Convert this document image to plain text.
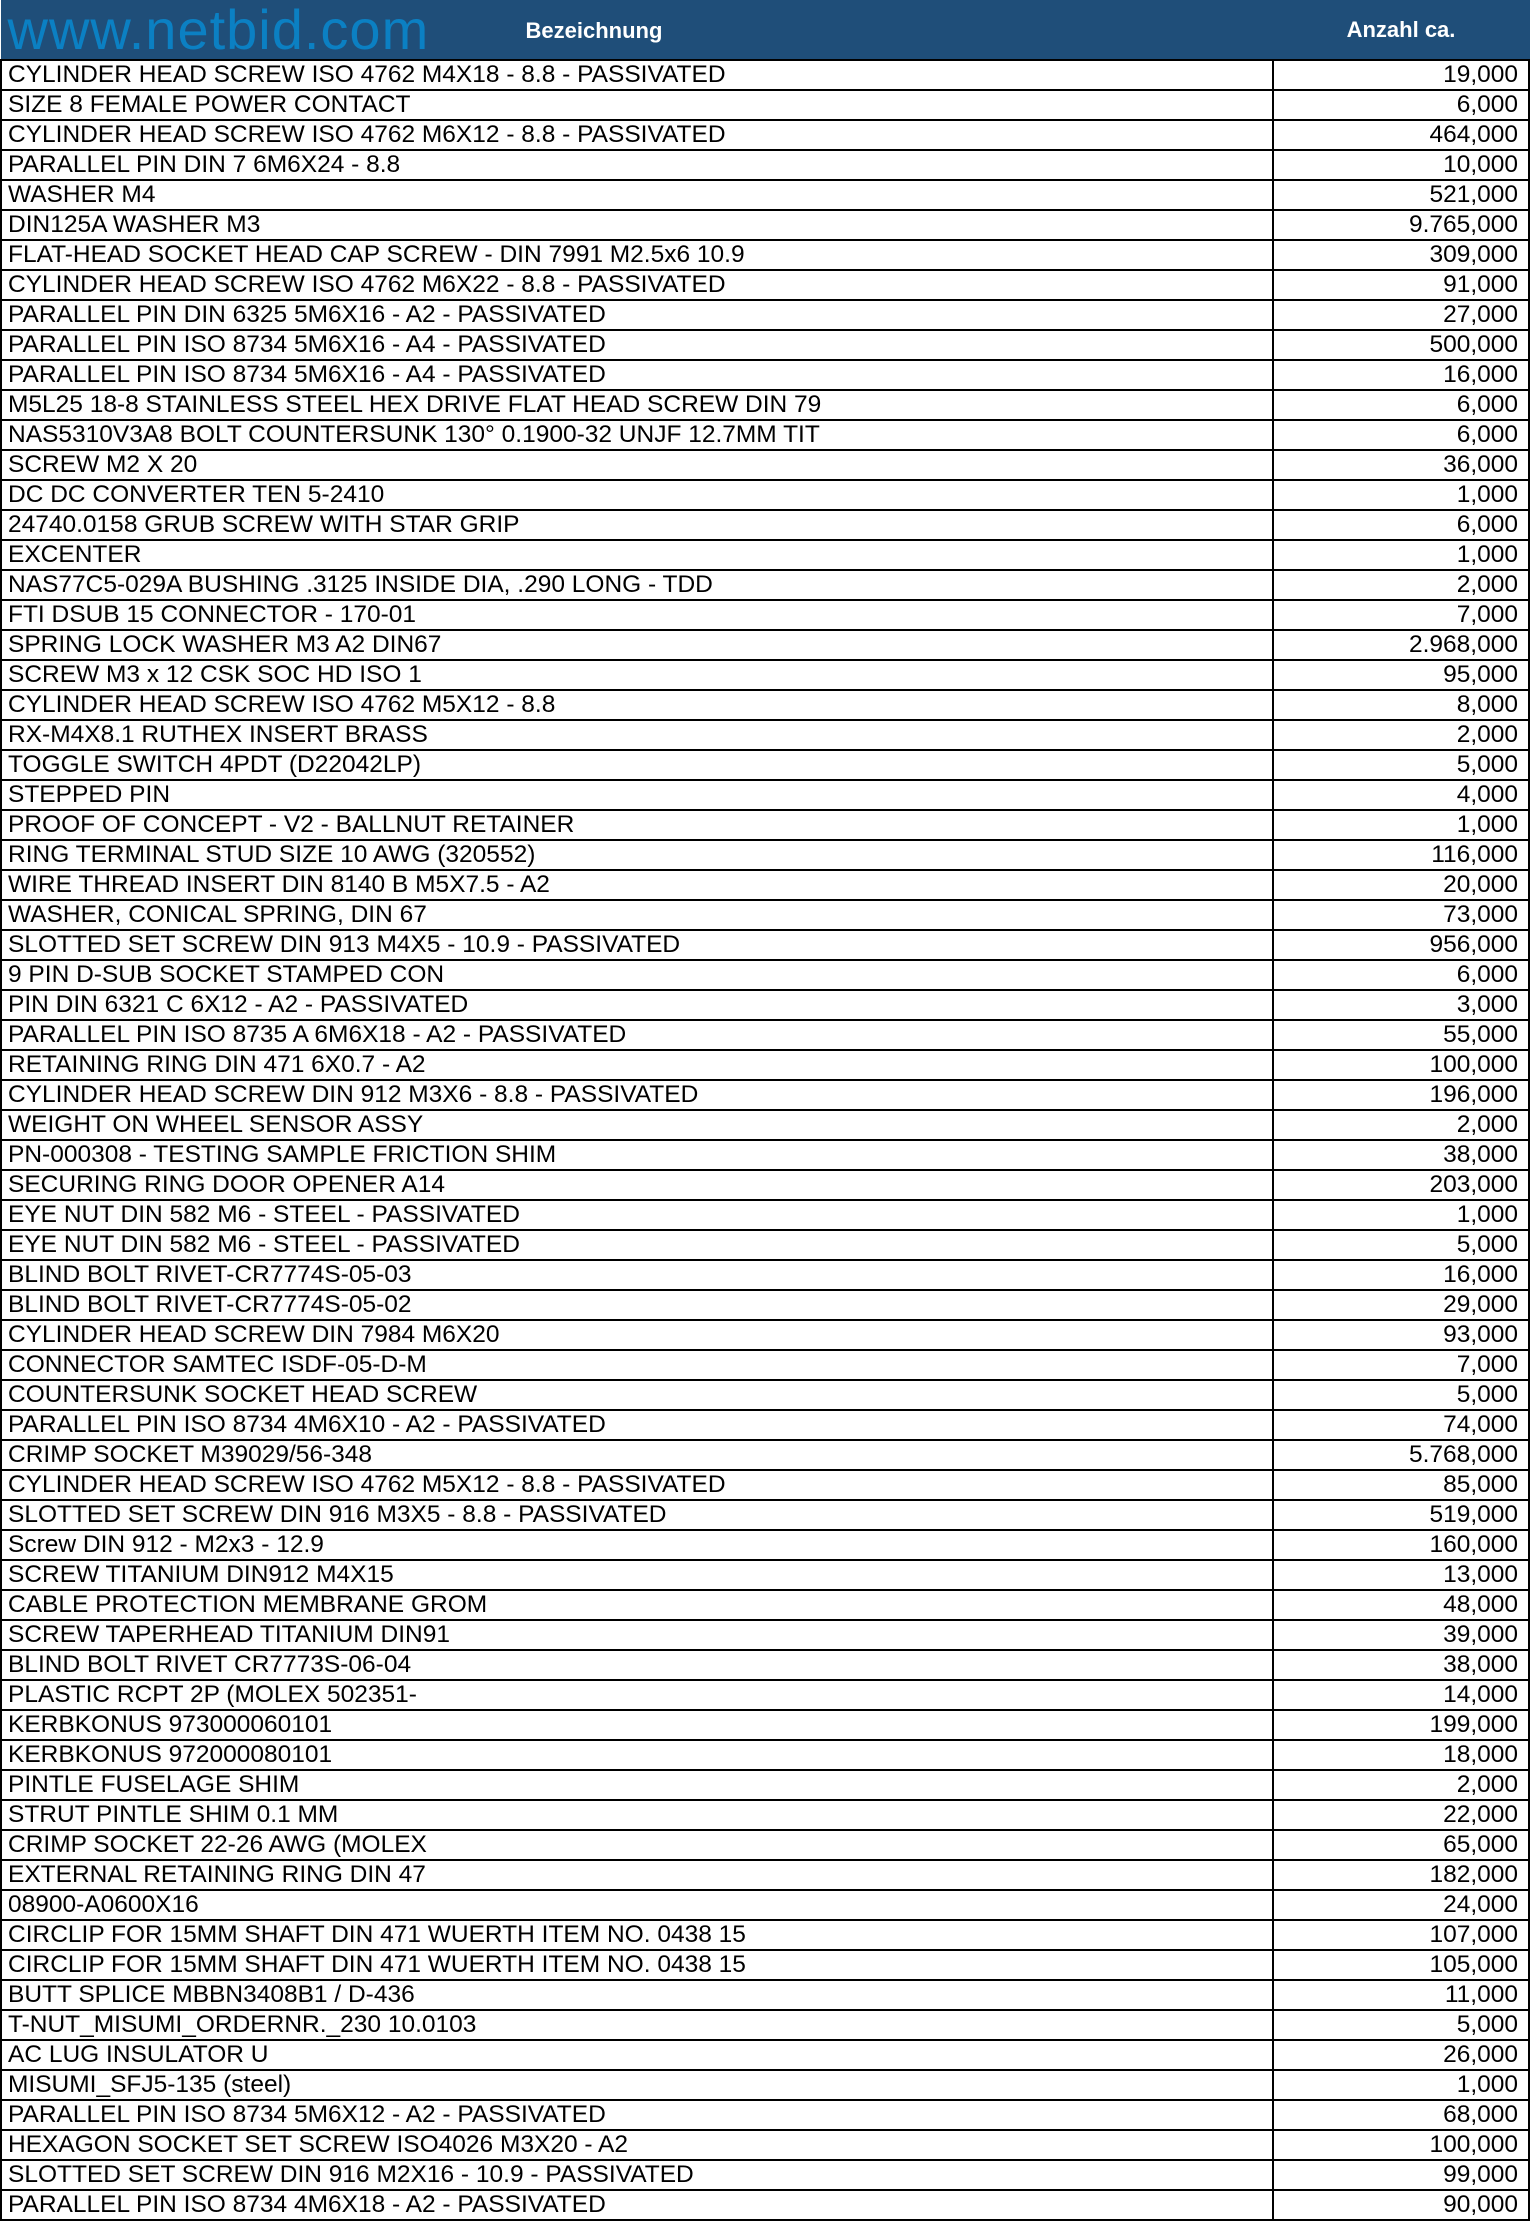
www.netbid.com Bezeichnung	Anzahl ca.
CYLINDER HEAD SCREW ISO 4762 M4X18 - 8.8 - PASSIVATED	19,000
SIZE 8 FEMALE POWER CONTACT	6,000
CYLINDER HEAD SCREW ISO 4762 M6X12 - 8.8 - PASSIVATED	464,000
PARALLEL PIN DIN 7 6M6X24 - 8.8	10,000
WASHER M4	521,000
DIN125A WASHER M3	9.765,000
FLAT-HEAD SOCKET HEAD CAP SCREW - DIN 7991 M2.5x6 10.9	309,000
CYLINDER HEAD SCREW ISO 4762 M6X22 - 8.8 - PASSIVATED	91,000
PARALLEL PIN DIN 6325 5M6X16 - A2 - PASSIVATED	27,000
PARALLEL PIN ISO 8734 5M6X16 - A4 - PASSIVATED	500,000
PARALLEL PIN ISO 8734 5M6X16 - A4 - PASSIVATED	16,000
M5L25 18-8 STAINLESS STEEL HEX DRIVE FLAT HEAD SCREW DIN 79	6,000
NAS5310V3A8 BOLT COUNTERSUNK 130° 0.1900-32 UNJF 12.7MM TIT	6,000
SCREW M2 X 20	36,000
DC DC CONVERTER TEN 5-2410	1,000
24740.0158 GRUB SCREW WITH STAR GRIP	6,000
EXCENTER	1,000
NAS77C5-029A BUSHING .3125 INSIDE DIA, .290 LONG - TDD	2,000
FTI DSUB 15 CONNECTOR - 170-01	7,000
SPRING LOCK WASHER M3 A2 DIN67	2.968,000
SCREW M3 x 12 CSK SOC HD ISO 1	95,000
CYLINDER HEAD SCREW ISO 4762 M5X12 - 8.8	8,000
RX-M4X8.1 RUTHEX INSERT BRASS	2,000
TOGGLE SWITCH 4PDT (D22042LP)	5,000
STEPPED PIN	4,000
PROOF OF CONCEPT - V2 - BALLNUT RETAINER	1,000
RING TERMINAL STUD SIZE 10 AWG (320552)	116,000
WIRE THREAD INSERT DIN 8140 B M5X7.5 - A2	20,000
WASHER, CONICAL SPRING, DIN 67	73,000
SLOTTED SET SCREW DIN 913 M4X5 - 10.9 - PASSIVATED	956,000
9 PIN D-SUB SOCKET STAMPED CON	6,000
PIN DIN 6321 C 6X12 - A2 - PASSIVATED	3,000
PARALLEL PIN ISO 8735 A 6M6X18 - A2 - PASSIVATED	55,000
RETAINING RING DIN 471 6X0.7 - A2	100,000
CYLINDER HEAD SCREW DIN 912 M3X6 - 8.8 - PASSIVATED	196,000
WEIGHT ON WHEEL SENSOR ASSY	2,000
PN-000308 - TESTING SAMPLE FRICTION SHIM	38,000
SECURING RING DOOR OPENER A14	203,000
EYE NUT DIN 582 M6 - STEEL - PASSIVATED	1,000
EYE NUT DIN 582 M6 - STEEL - PASSIVATED	5,000
BLIND BOLT RIVET-CR7774S-05-03	16,000
BLIND BOLT RIVET-CR7774S-05-02	29,000
CYLINDER HEAD SCREW DIN 7984 M6X20	93,000
CONNECTOR SAMTEC ISDF-05-D-M	7,000
COUNTERSUNK SOCKET HEAD SCREW	5,000
PARALLEL PIN ISO 8734 4M6X10 - A2 - PASSIVATED	74,000
CRIMP SOCKET M39029/56-348	5.768,000
CYLINDER HEAD SCREW ISO 4762 M5X12 - 8.8 - PASSIVATED	85,000
SLOTTED SET SCREW DIN 916 M3X5 - 8.8 - PASSIVATED	519,000
Screw DIN 912 - M2x3 - 12.9	160,000
SCREW TITANIUM DIN912 M4X15	13,000
CABLE PROTECTION MEMBRANE GROM	48,000
SCREW TAPERHEAD TITANIUM DIN91	39,000
BLIND BOLT RIVET CR7773S-06-04	38,000
PLASTIC RCPT 2P (MOLEX 502351-	14,000
KERBKONUS 973000060101	199,000
KERBKONUS 972000080101	18,000
PINTLE FUSELAGE SHIM	2,000
STRUT PINTLE SHIM 0.1 MM	22,000
CRIMP SOCKET 22-26 AWG (MOLEX	65,000
EXTERNAL RETAINING RING DIN 47	182,000
08900-A0600X16	24,000
CIRCLIP FOR 15MM SHAFT DIN 471 WUERTH ITEM NO. 0438 15	107,000
CIRCLIP FOR 15MM SHAFT DIN 471 WUERTH ITEM NO. 0438 15	105,000
BUTT SPLICE MBBN3408B1 / D-436	11,000
T-NUT_MISUMI_ORDERNR._230 10.0103	5,000
AC LUG INSULATOR U	26,000
MISUMI_SFJ5-135 (steel)	1,000
PARALLEL PIN ISO 8734 5M6X12 - A2 - PASSIVATED	68,000
HEXAGON SOCKET SET SCREW ISO4026 M3X20 - A2	100,000
SLOTTED SET SCREW DIN 916 M2X16 - 10.9 - PASSIVATED	99,000
PARALLEL PIN ISO 8734 4M6X18 - A2 - PASSIVATED	90,000
